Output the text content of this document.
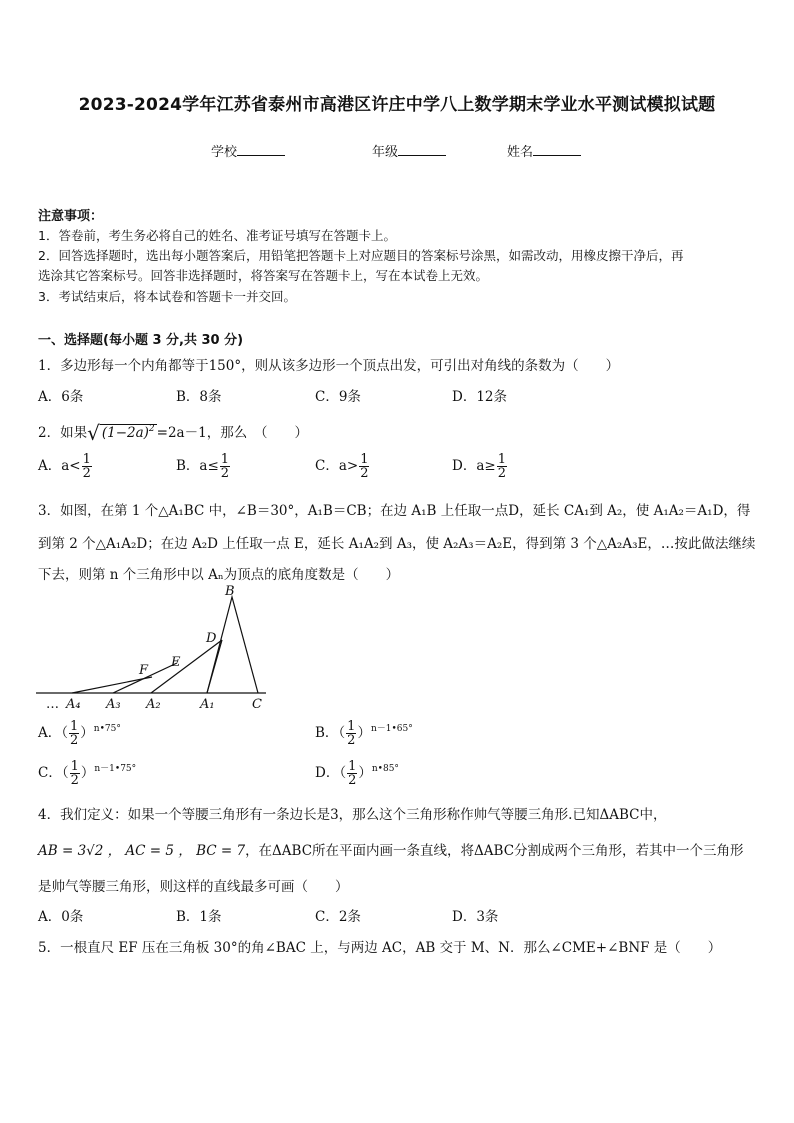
2023-2024学年江苏省泰州市高港区许庄中学八上数学期末学业水平测试模拟试题
学校	年级	姓名
注意事项：
1．答卷前，考生务必将自己的姓名、准考证号填写在答题卡上。
2．回答选择题时，选出每小题答案后，用铅笔把答题卡上对应题目的答案标号涂黑，如需改动，用橡皮擦干净后，再
选涂其它答案标号。回答非选择题时，将答案写在答题卡上，写在本试卷上无效。
3．考试结束后，将本试卷和答题卡一并交回。
一、选择题(每小题 3 分,共 30 分)
1．多边形每一个内角都等于150°，则从该多边形一个顶点出发，可引出对角线的条数为（　　）
A．6条	B．8条	C．9条	D．12条
2．如果√ $(1-2a)^2 =2a-1$，那么　（　　）
A．$a< \frac{1}{2}$	B．$a\le \frac{1}{2}$	C．$a> \frac{1}{2}$	D．$a\ge \frac{1}{2}$
3．如图，在第 1 个△A₁BC 中，∠B＝30°，A₁B＝CB；在边 A₁B 上任取一点D，延长 CA₁到 A₂，使 A₁A₂＝A₁D，得
到第 2 个△A₁A₂D；在边 A₂D 上任取一点 E，延长 A₁A₂到 A₃，使 A₂A₃＝A₂E，得到第 3 个△A₂A₃E，…按此做法继续
下去，则第 n 个三角形中以 Aₙ为顶点的底角度数是（　　）
B
D
E
F
C
A₁
A₂
A₃
A₄
…
A．（ $\frac{1}{2} )^{n•75^\circ}$	B．（ $\frac{1}{2} )^{n-1•65^\circ}$
C．（ $\frac{1}{2} )^{n-1•75^\circ}$	D．（ $\frac{1}{2} )^{n•85^\circ}$
4．我们定义：如果一个等腰三角形有一条边长是3，那么这个三角形称作帅气等腰三角形.已知ΔABC中，
AB = 3√2 ， AC = 5 ， BC = 7，在ΔABC所在平面内画一条直线，将ΔABC分割成两个三角形，若其中一个三角形
是帅气等腰三角形，则这样的直线最多可画（　　）
A．0条	B．1条	C．2条	D．3条
5．一根直尺 EF 压在三角板 30°的角∠BAC 上，与两边 AC，AB 交于 M、N．那么∠CME+∠BNF 是（　　）
